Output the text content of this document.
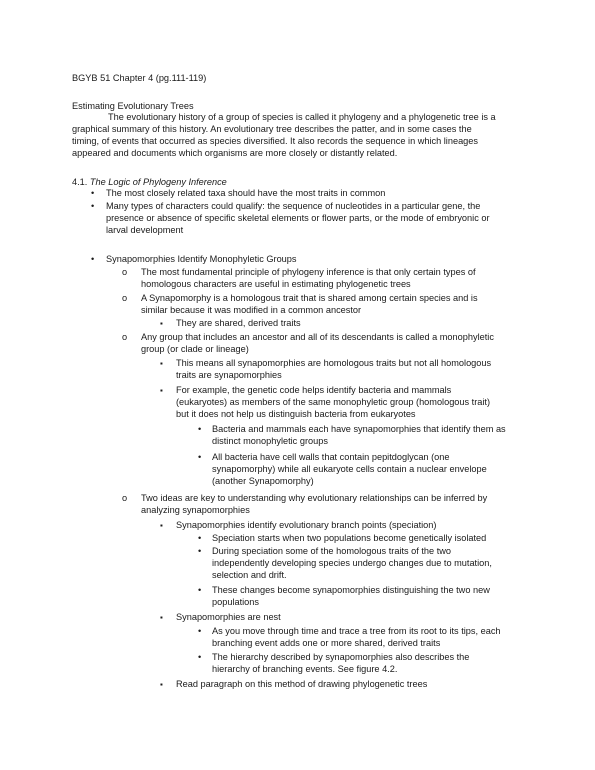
BGYB 51 Chapter 4 (pg.111-119)
Estimating Evolutionary Trees
The evolutionary history of a group of species is called it phylogeny and a phylogenetic tree is a
graphical summary of this history. An evolutionary tree describes the patter, and in some cases the
timing, of events that occurred as species diversified. It also records the sequence in which lineages
appeared and documents which organisms are more closely or distantly related.
4.1. The Logic of Phylogeny Inference
•
The most closely related taxa should have the most traits in common
•
Many types of characters could qualify: the sequence of nucleotides in a particular gene, the
presence or absence of specific skeletal elements or flower parts, or the mode of embryonic or
larval development
•
Synapomorphies Identify Monophyletic Groups
o
The most fundamental principle of phylogeny inference is that only certain types of
homologous characters are useful in estimating phylogenetic trees
o
A Synapomorphy is a homologous trait that is shared among certain species and is
similar because it was modified in a common ancestor
▪
They are shared, derived traits
o
Any group that includes an ancestor and all of its descendants is called a monophyletic
group (or clade or lineage)
▪
This means all synapomorphies are homologous traits but not all homologous
traits are synapomorphies
▪
For example, the genetic code helps identify bacteria and mammals
(eukaryotes) as members of the same monophyletic group (homologous trait)
but it does not help us distinguish bacteria from eukaryotes
•
Bacteria and mammals each have synapomorphies that identify them as
distinct monophyletic groups
•
All bacteria have cell walls that contain pepitdoglycan (one
synapomorphy) while all eukaryote cells contain a nuclear envelope
(another Synapomorphy)
o
Two ideas are key to understanding why evolutionary relationships can be inferred by
analyzing synapomorphies
▪
Synapomorphies identify evolutionary branch points (speciation)
•
Speciation starts when two populations become genetically isolated
•
During speciation some of the homologous traits of the two
independently developing species undergo changes due to mutation,
selection and drift.
•
These changes become synapomorphies distinguishing the two new
populations
▪
Synapomorphies are nest
•
As you move through time and trace a tree from its root to its tips, each
branching event adds one or more shared, derived traits
•
The hierarchy described by synapomorphies also describes the
hierarchy of branching events. See figure 4.2.
▪
Read paragraph on this method of drawing phylogenetic trees
